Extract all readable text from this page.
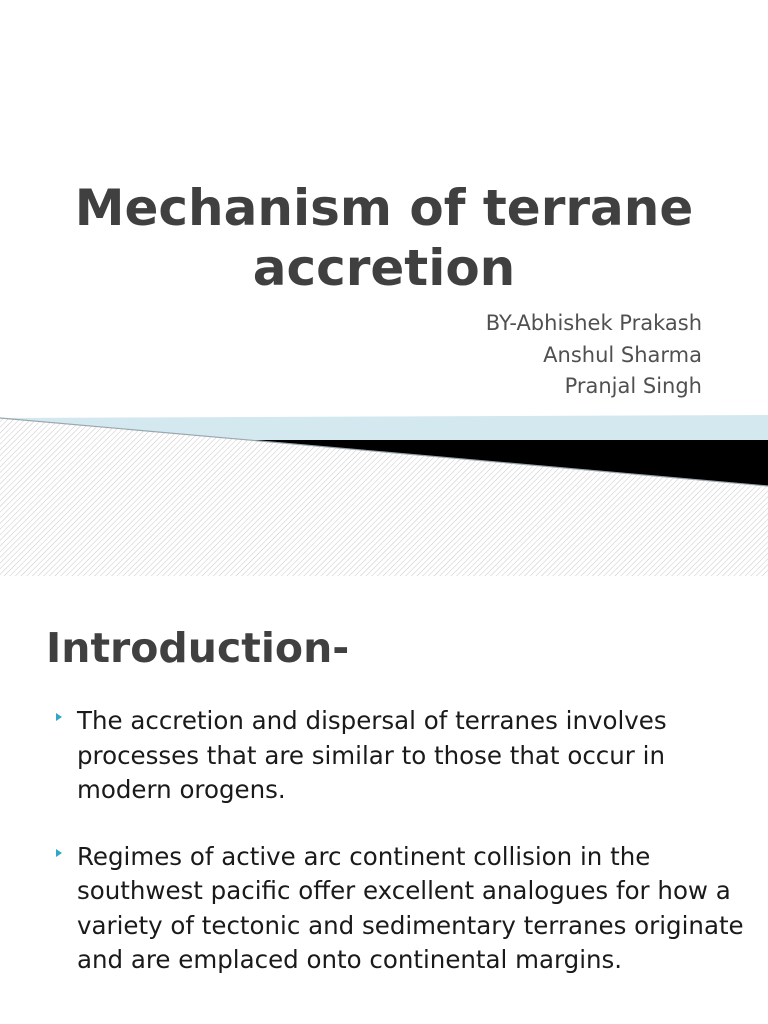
Mechanism of terrane accretion
BY-Abhishek Prakash
Anshul Sharma
Pranjal Singh
Introduction-
The accretion and dispersal of terranes involves processes that are similar to those that occur in modern orogens.
Regimes of active arc continent collision in the southwest pacific offer excellent analogues for how a variety of tectonic and sedimentary terranes originate and are emplaced onto continental margins.
